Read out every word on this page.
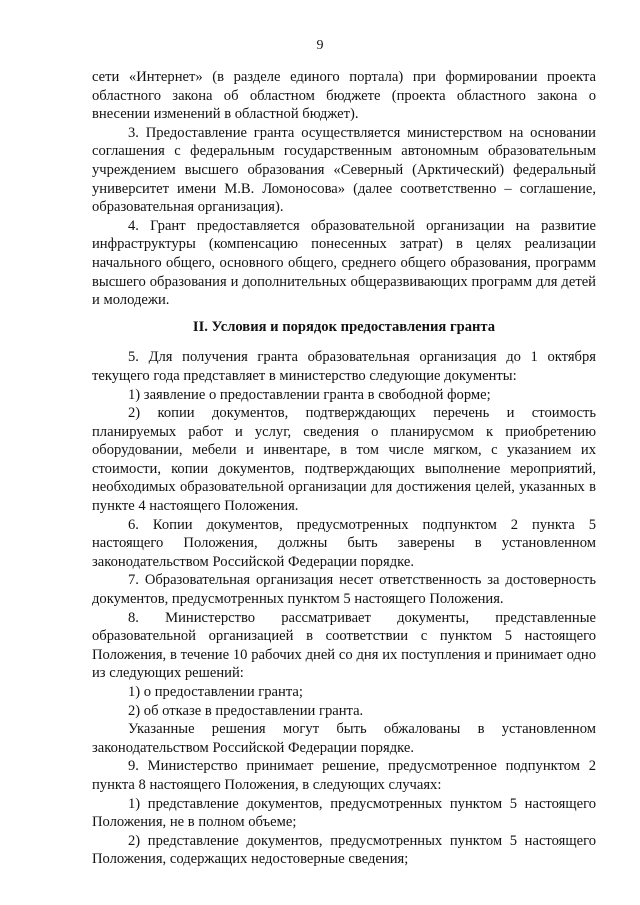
9

сети «Интернет» (в разделе единого портала) при формировании проекта областного закона об областном бюджете (проекта областного закона о внесении изменений в областной бюджет).

3. Предоставление гранта осуществляется министерством на основании соглашения с федеральным государственным автономным образовательным учреждением высшего образования «Северный (Арктический) федеральный университет имени М.В. Ломоносова» (далее соответственно – соглашение, образовательная организация).

4. Грант предоставляется образовательной организации на развитие инфраструктуры (компенсацию понесенных затрат) в целях реализации начального общего, основного общего, среднего общего образования, программ высшего образования и дополнительных общеразвивающих программ для детей и молодежи.

II. Условия и порядок предоставления гранта

5. Для получения гранта образовательная организация до 1 октября текущего года представляет в министерство следующие документы:

1) заявление о предоставлении гранта в свободной форме;

2) копии документов, подтверждающих перечень и стоимость планируемых работ и услуг, сведения о планирусмом к приобретению оборудовании, мебели и инвентаре, в том числе мягком, с указанием их стоимости, копии документов, подтверждающих выполнение мероприятий, необходимых образовательной организации для достижения целей, указанных в пункте 4 настоящего Положения.

6. Копии документов, предусмотренных подпунктом 2 пункта 5 настоящего Положения, должны быть заверены в установленном законодательством Российской Федерации порядке.

7. Образовательная организация несет ответственность за достоверность документов, предусмотренных пунктом 5 настоящего Положения.

8. Министерство рассматривает документы, представленные образовательной организацией в соответствии с пунктом 5 настоящего Положения, в течение 10 рабочих дней со дня их поступления и принимает одно из следующих решений:

1) о предоставлении гранта;

2) об отказе в предоставлении гранта.

Указанные решения могут быть обжалованы в установленном законодательством Российской Федерации порядке.

9. Министерство принимает решение, предусмотренное подпунктом 2 пункта 8 настоящего Положения, в следующих случаях:

1) представление документов, предусмотренных пунктом 5 настоящего Положения, не в полном объеме;

2) представление документов, предусмотренных пунктом 5 настоящего Положения, содержащих недостоверные сведения;
